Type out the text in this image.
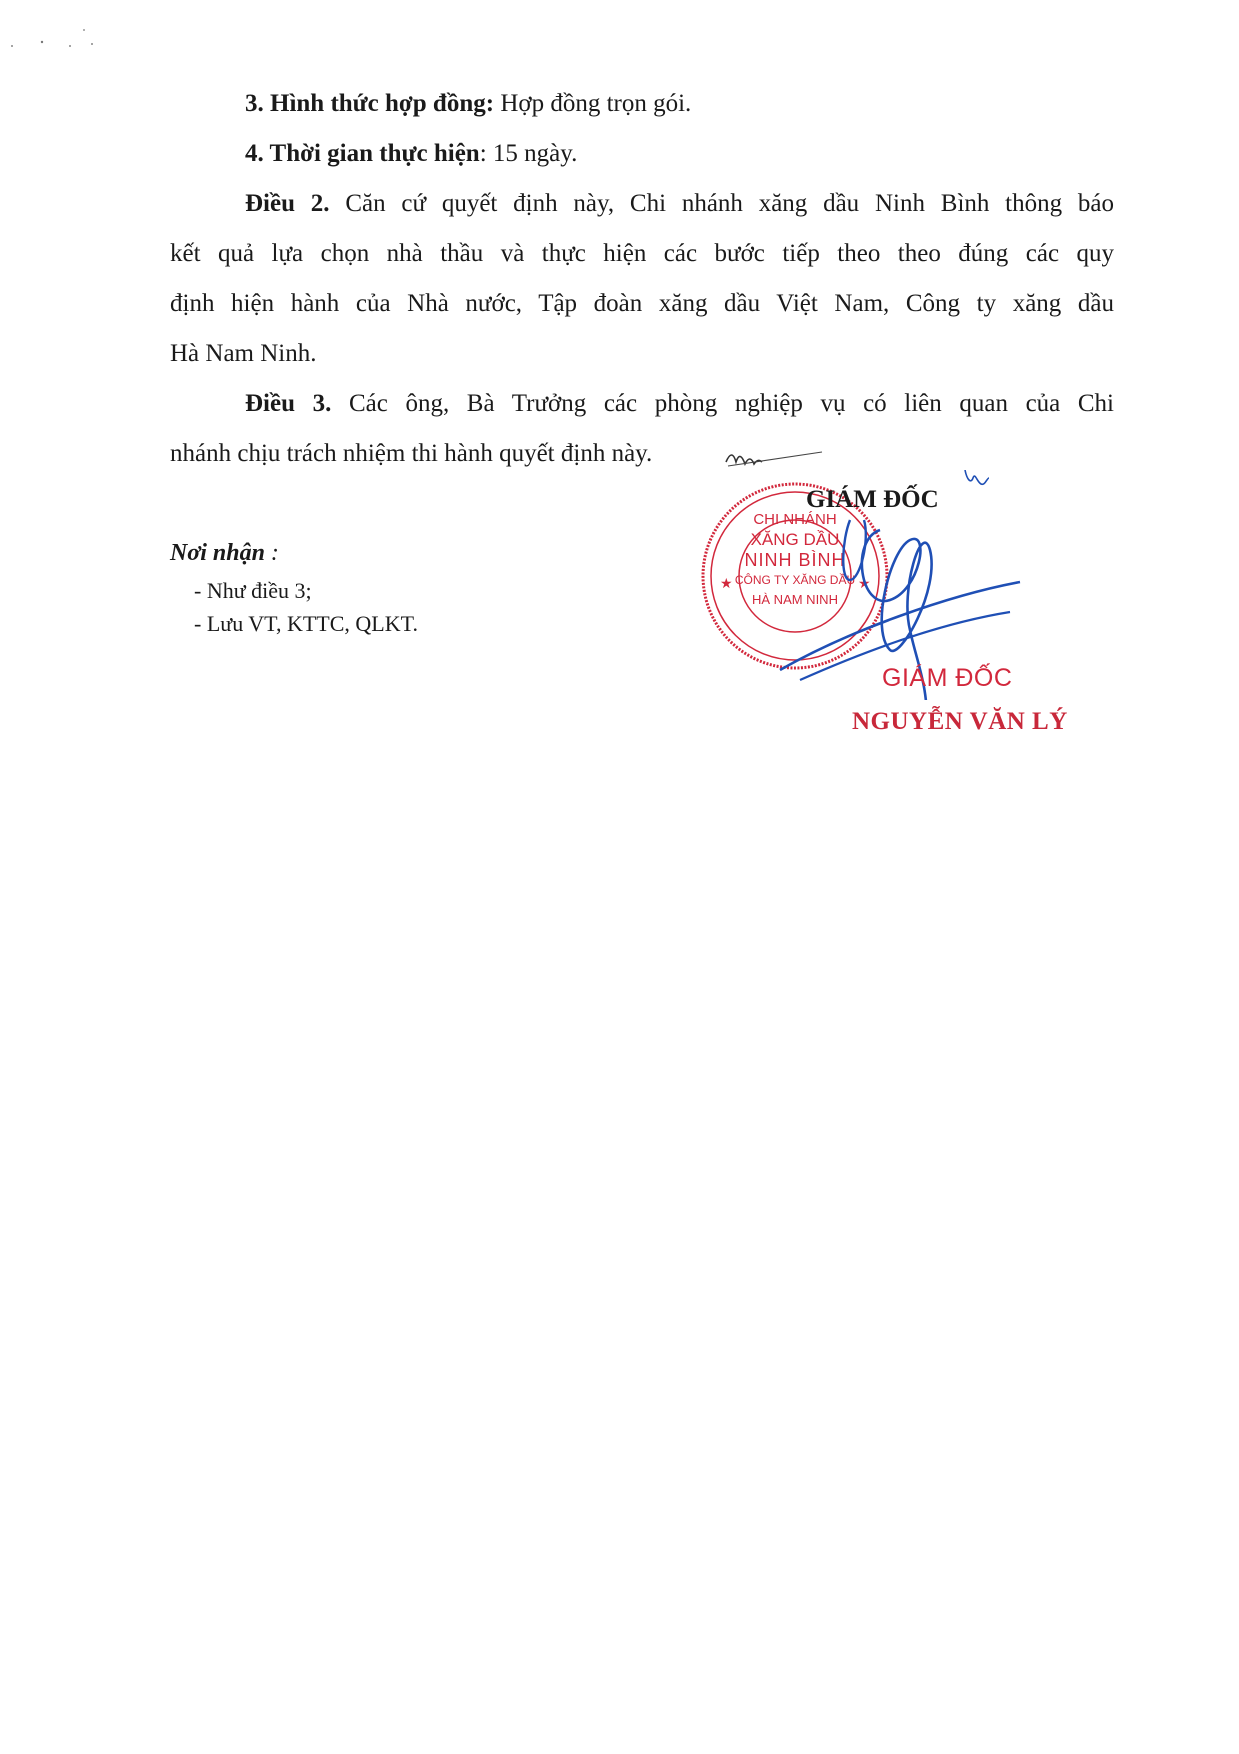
3. Hình thức hợp đồng: Hợp đồng trọn gói.
4. Thời gian thực hiện: 15 ngày.
Điều 2. Căn cứ quyết định này, Chi nhánh xăng dầu Ninh Bình thông báo
kết quả lựa chọn nhà thầu và thực hiện các bước tiếp theo theo đúng các quy
định hiện hành của Nhà nước, Tập đoàn xăng dầu Việt Nam, Công ty xăng dầu
Hà Nam Ninh.
Điều 3. Các ông, Bà Trưởng các phòng nghiệp vụ có liên quan của Chi
nhánh chịu trách nhiệm thi hành quyết định này.
Nơi nhận :
- Như điều 3;
- Lưu VT, KTTC, QLKT.
★	★
CHI NHÁNH
XĂNG DẦU
NINH BÌNH
CÔNG TY XĂNG DẦU
HÀ NAM NINH
GIÁM ĐỐC
GIÁM ĐỐC
NGUYỄN VĂN LÝ
